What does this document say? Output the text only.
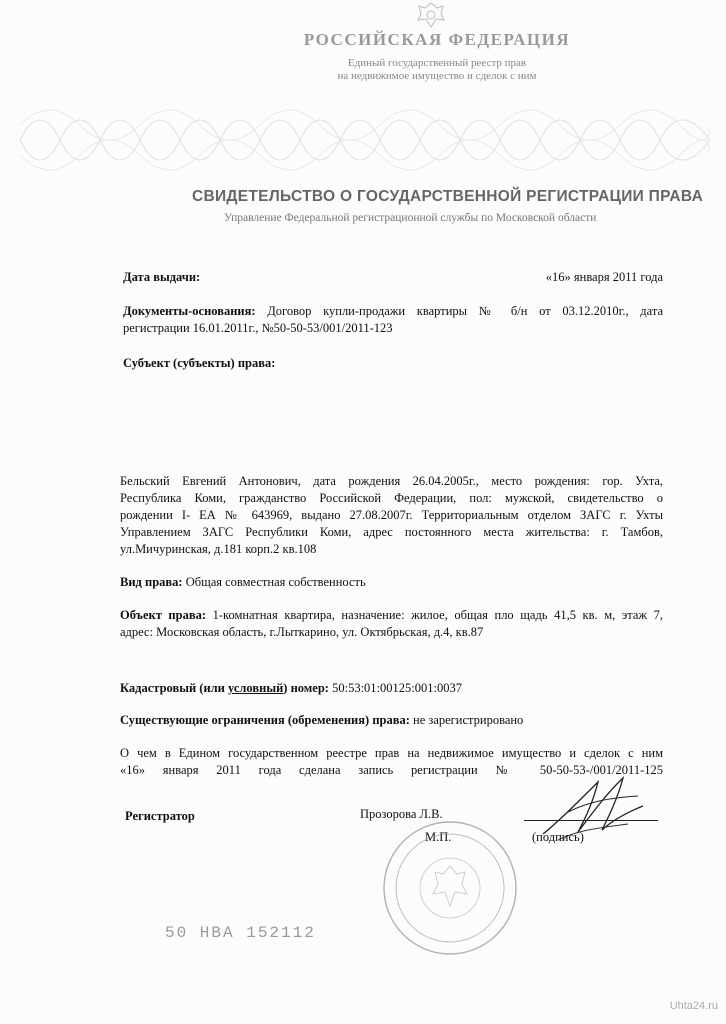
РОССИЙСКАЯ ФЕДЕРАЦИЯ
Единый государственный реестр прав
на недвижимое имущество и сделок с ним
СВИДЕТЕЛЬСТВО О ГОСУДАРСТВЕННОЙ РЕГИСТРАЦИИ ПРАВА
Управление Федеральной регистрационной службы по Московской области
Дата выдачи:	«16» января 2011 года
Документы-основания: Договор купли-продажи квартиры № б/н от 03.12.2010г., дата
регистрации 16.01.2011г., №50-50-53/001/2011-123
Субъект (субъекты) права:
Бельский Евгений Антонович, дата рождения 26.04.2005г., место рождения: гор. Ухта,
Республика Коми, гражданство Российской Федерации, пол: мужской, свидетельство о
рождении I- ЕА № 643969, выдано 27.08.2007г. Территориальным отделом ЗАГС г. Ухты
Управлением ЗАГС Республики Коми, адрес постоянного места жительства: г. Тамбов,
ул.Мичуринская, д.181 корп.2 кв.108
Вид права: Общая совместная собственность
Объект права: 1-комнатная квартира, назначение: жилое, общая пло щадь 41,5 кв. м, этаж 7,
адрес: Московская область, г.Лыткарино, ул. Октябрьская, д.4, кв.87
Кадастровый (или условный) номер: 50:53:01:00125:001:0037
Существующие ограничения (обременения) права: не зарегистрировано
О чем в Едином государственном реестре прав на недвижимое имущество и сделок с ним
«16» января 2011 года сделана запись регистрации № 50-50-53-/001/2011-125
Регистратор	Прозорова Л.В.
М.П.	(подпись)
50 НВА 152112
Uhta24.ru
